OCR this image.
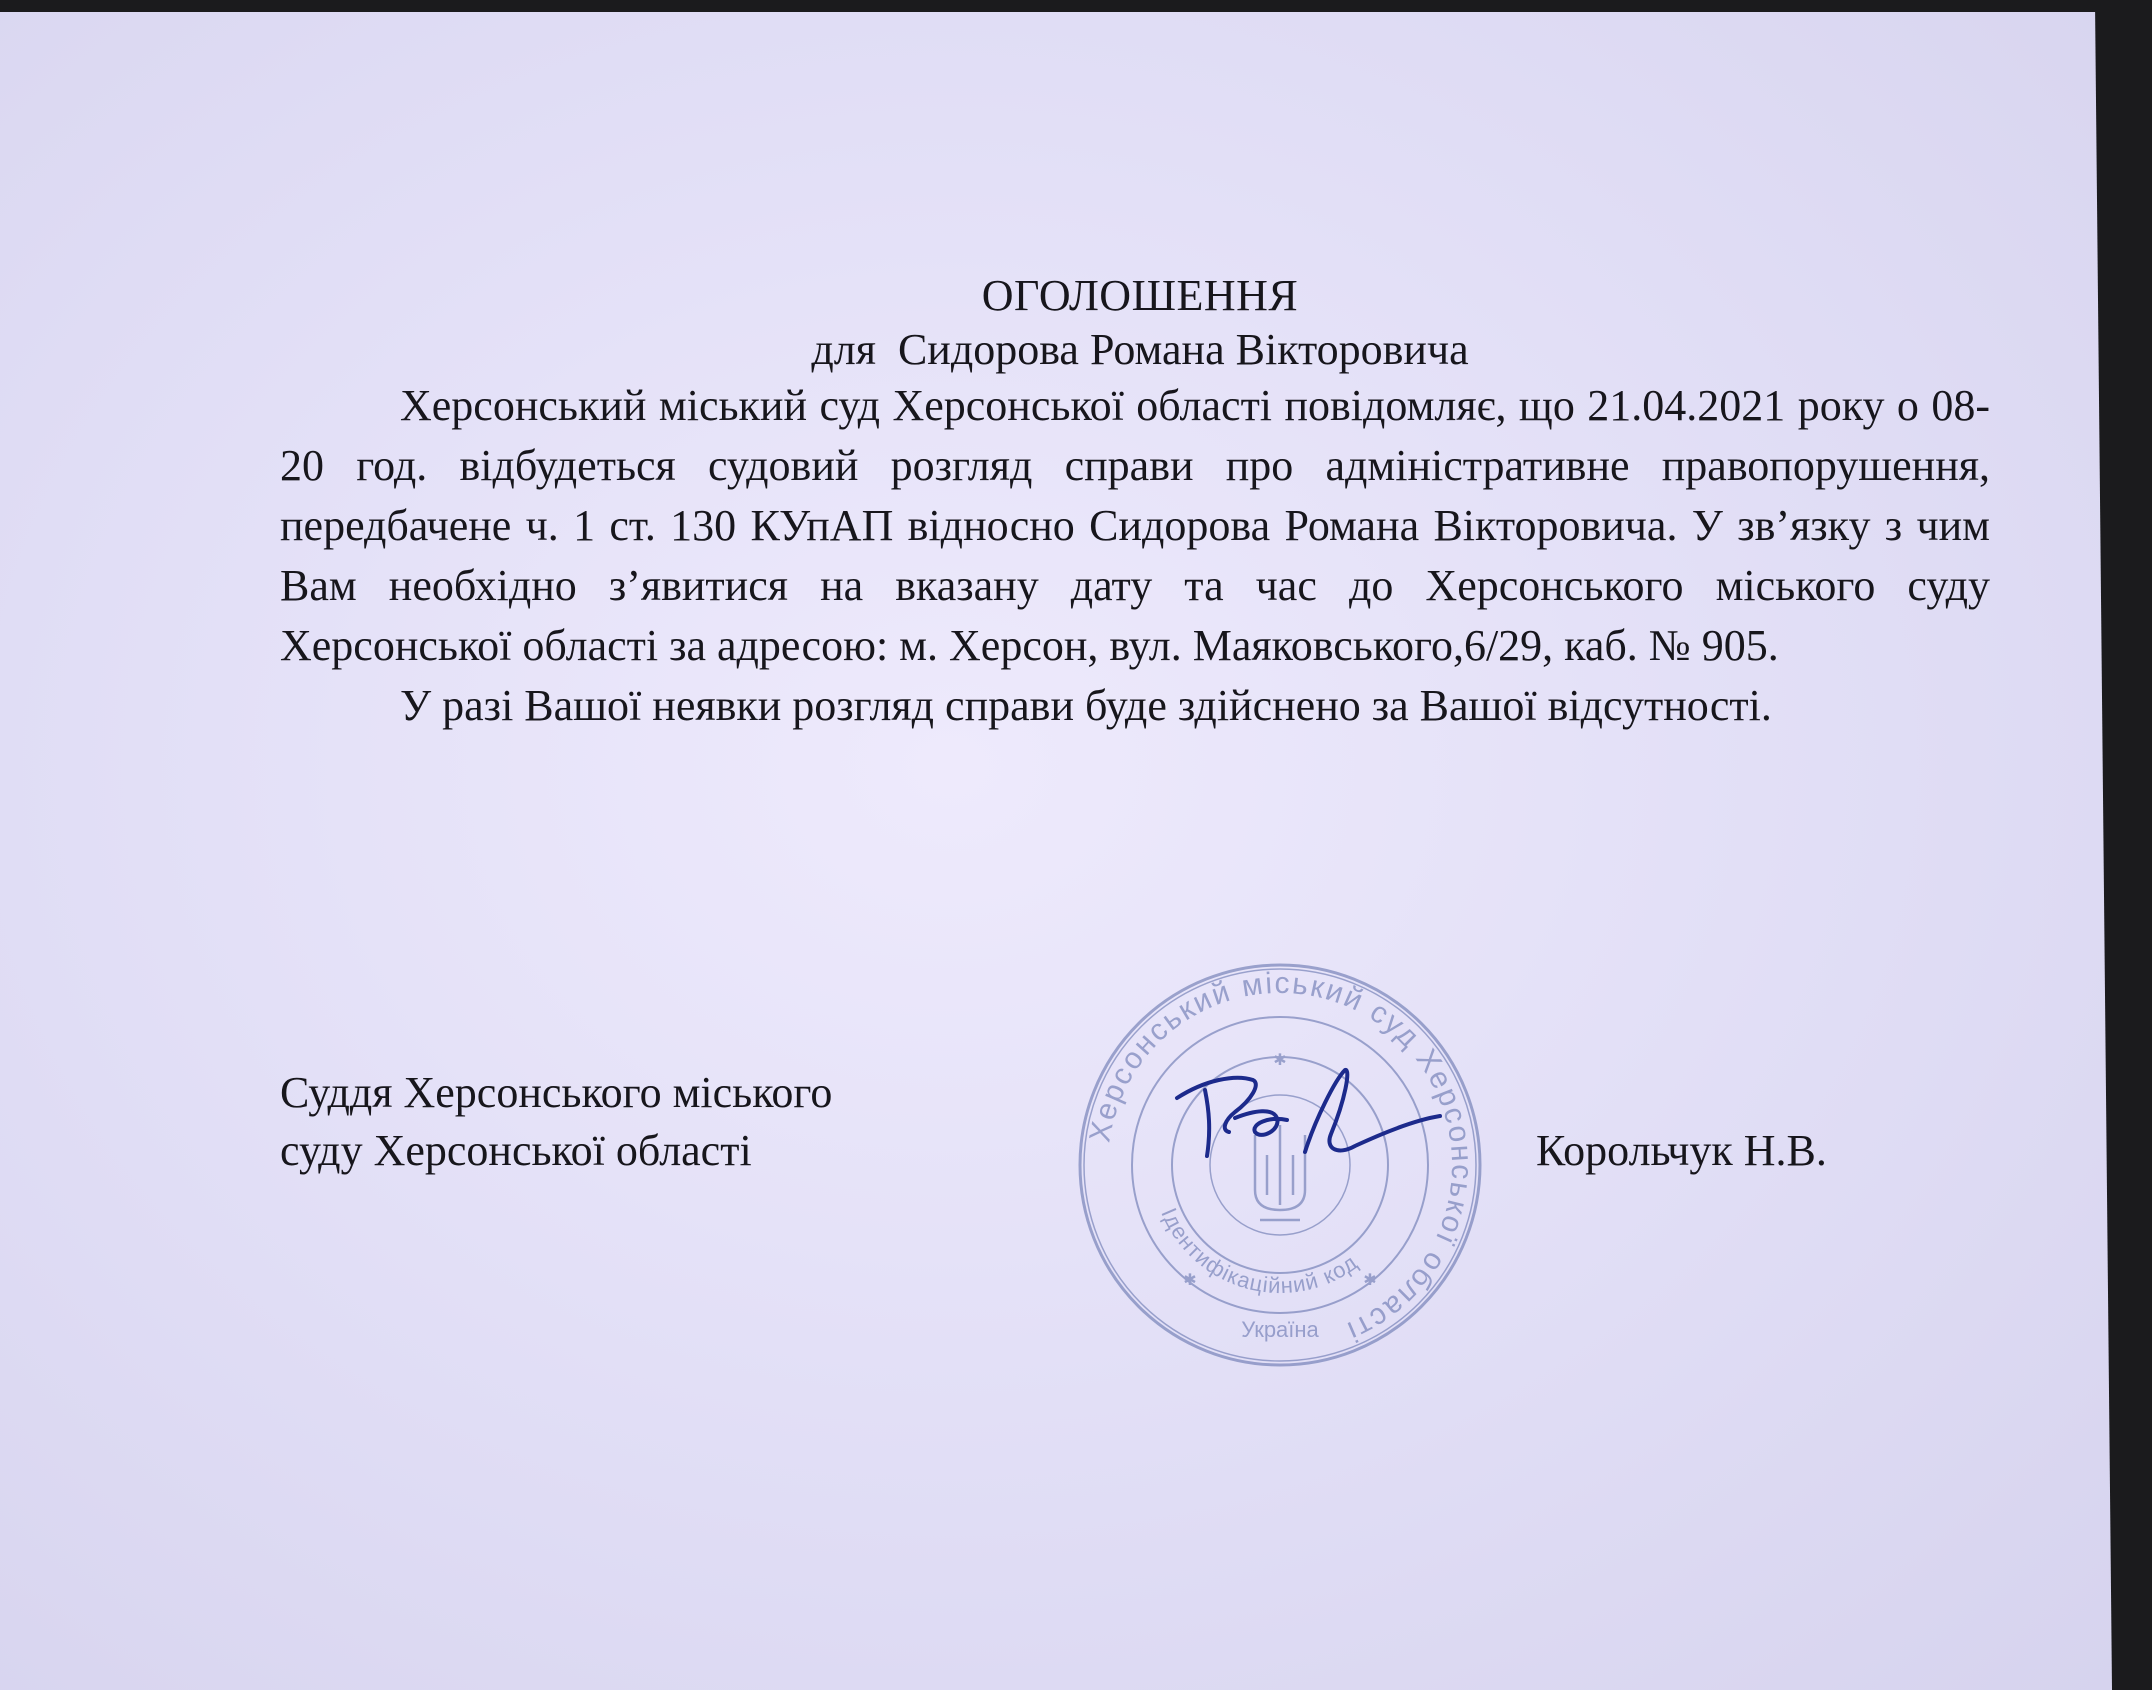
ОГОЛОШЕННЯ
для  Сидорова Романа Вікторовича

Херсонський міський суд Херсонської області повідомляє, що 21.04.2021 року о 08-20 год. відбудеться судовий розгляд справи про адміністративне правопорушення, передбачене ч. 1 ст. 130 КУпАП відносно Сидорова Романа Вікторовича. У зв’язку з чим Вам необхідно з’явитися на вказану дату та час до Херсонського міського суду Херсонської області за адресою: м. Херсон, вул. Маяковського,6/29, каб. № 905.

У разі Вашої неявки розгляд справи буде здійснено за Вашої відсутності.

Суддя Херсонського міського
суду Херсонської області	Херсонський міський суд Херсонської області
Ідентифікаційний код
Україна
✱
✱	✱
Корольчук Н.В.
